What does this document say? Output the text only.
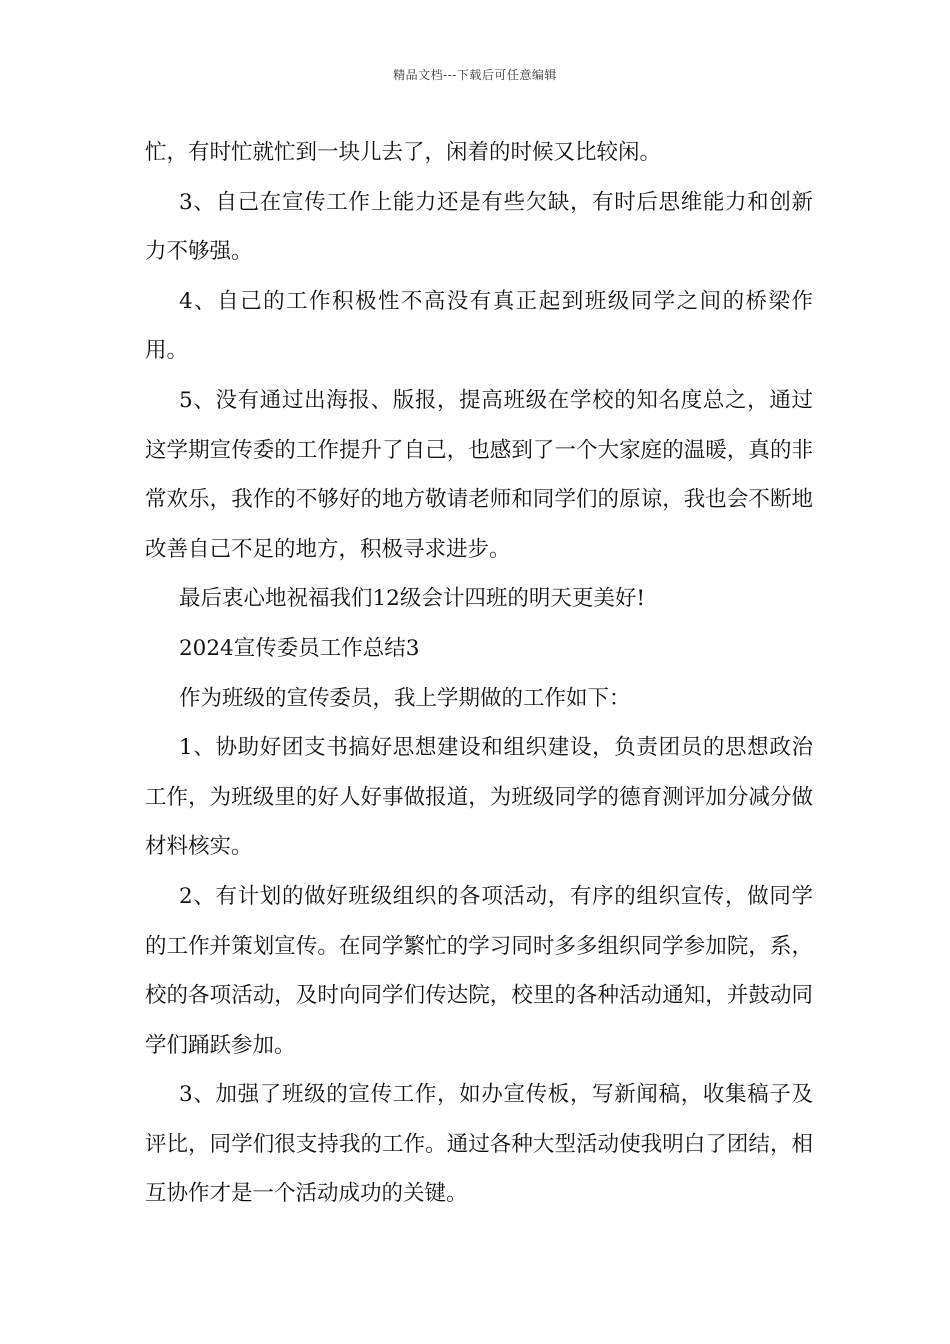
精品文档---下载后可任意编辑

忙，有时忙就忙到一块儿去了，闲着的时候又比较闲。

3、自己在宣传工作上能力还是有些欠缺，有时后思维能力和创新力不够强。

4、自己的工作积极性不高没有真正起到班级同学之间的桥梁作用。

5、没有通过出海报、版报，提高班级在学校的知名度总之，通过这学期宣传委的工作提升了自己，也感到了一个大家庭的温暖，真的非常欢乐，我作的不够好的地方敬请老师和同学们的原谅，我也会不断地改善自己不足的地方，积极寻求进步。

最后衷心地祝福我们12级会计四班的明天更美好!

2024宣传委员工作总结3

作为班级的宣传委员，我上学期做的工作如下：

1、协助好团支书搞好思想建设和组织建设，负责团员的思想政治工作，为班级里的好人好事做报道，为班级同学的德育测评加分减分做材料核实。

2、有计划的做好班级组织的各项活动，有序的组织宣传，做同学的工作并策划宣传。在同学繁忙的学习同时多多组织同学参加院，系，校的各项活动，及时向同学们传达院，校里的各种活动通知，并鼓动同学们踊跃参加。

3、加强了班级的宣传工作，如办宣传板，写新闻稿，收集稿子及评比，同学们很支持我的工作。通过各种大型活动使我明白了团结，相互协作才是一个活动成功的关键。
